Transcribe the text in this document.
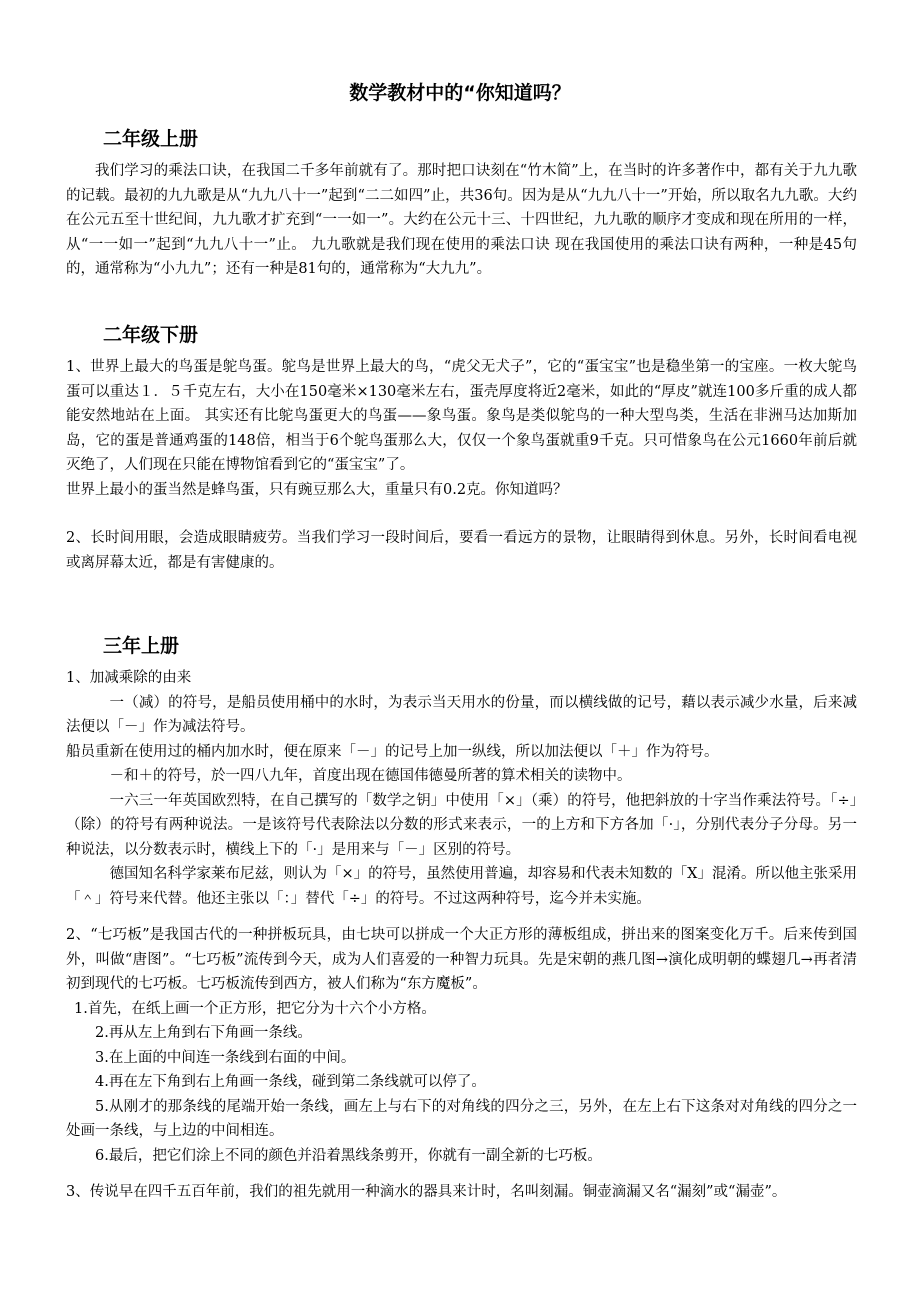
数学教材中的“你知道吗？
二年级上册

我们学习的乘法口诀，在我国二千多年前就有了。那时把口诀刻在“竹木简”上，在当时的许多著作中，都有关于九九歌的记载。最初的九九歌是从“九九八十一”起到“二二如四”止，共36句。因为是从“九九八十一”开始，所以取名九九歌。大约在公元五至十世纪间，九九歌才扩充到“一一如一”。大约在公元十三、十四世纪，九九歌的顺序才变成和现在所用的一样，从“一一如一”起到“九九八十一”止。 九九歌就是我们现在使用的乘法口诀 现在我国使用的乘法口诀有两种，一种是45句的，通常称为“小九九”；还有一种是81句的，通常称为“大九九”。

二年级下册

1、世界上最大的鸟蛋是鸵鸟蛋。鸵鸟是世界上最大的鸟，“虎父无犬子”，它的“蛋宝宝”也是稳坐第一的宝座。一枚大鸵鸟蛋可以重达１．５千克左右，大小在150毫米×130毫米左右，蛋壳厚度将近2毫米，如此的“厚皮”就连100多斤重的成人都能安然地站在上面。 其实还有比鸵鸟蛋更大的鸟蛋——象鸟蛋。象鸟是类似鸵鸟的一种大型鸟类，生活在非洲马达加斯加岛，它的蛋是普通鸡蛋的148倍，相当于6个鸵鸟蛋那么大，仅仅一个象鸟蛋就重9千克。只可惜象鸟在公元1660年前后就灭绝了，人们现在只能在博物馆看到它的“蛋宝宝”了。

世界上最小的蛋当然是蜂鸟蛋，只有豌豆那么大，重量只有0.2克。你知道吗？

2、长时间用眼，会造成眼睛疲劳。当我们学习一段时间后，要看一看远方的景物，让眼睛得到休息。另外，长时间看电视或离屏幕太近，都是有害健康的。

三年上册

1、加减乘除的由来

一（减）的符号，是船员使用桶中的水时，为表示当天用水的份量，而以横线做的记号，藉以表示减少水量，后来减法便以「－」作为减法符号。

船员重新在使用过的桶内加水时，便在原来「－」的记号上加一纵线，所以加法便以「＋」作为符号。

－和＋的符号，於一四八九年，首度出现在德国伟德曼所著的算术相关的读物中。

一六三一年英国欧烈特，在自己撰写的「数学之钥」中使用「×」（乘）的符号，他把斜放的十字当作乘法符号。「÷」（除）的符号有两种说法。一是该符号代表除法以分数的形式来表示，一的上方和下方各加「·」，分别代表分子分母。另一种说法，以分数表示时，横线上下的「·」是用来与「－」区别的符号。

德国知名科学家莱布尼兹，则认为「×」的符号，虽然使用普遍，却容易和代表未知数的「X」混淆。所以他主张采用「＾」符号来代替。他还主张以「：」替代「÷」的符号。不过这两种符号，迄今并未实施。

2、“七巧板”是我国古代的一种拼板玩具，由七块可以拼成一个大正方形的薄板组成，拼出来的图案变化万千。后来传到国外，叫做“唐图”。“七巧板”流传到今天，成为人们喜爱的一种智力玩具。先是宋朝的燕几图→演化成明朝的蝶翅几→再者清初到现代的七巧板。七巧板流传到西方，被人们称为“东方魔板”。

1.首先，在纸上画一个正方形，把它分为十六个小方格。

2.再从左上角到右下角画一条线。

3.在上面的中间连一条线到右面的中间。

4.再在左下角到右上角画一条线，碰到第二条线就可以停了。

5.从刚才的那条线的尾端开始一条线，画左上与右下的对角线的四分之三，另外，在左上右下这条对对角线的四分之一处画一条线，与上边的中间相连。

6.最后，把它们涂上不同的颜色并沿着黑线条剪开，你就有一副全新的七巧板。

3、传说早在四千五百年前，我们的祖先就用一种滴水的器具来计时，名叫刻漏。铜壶滴漏又名“漏刻”或“漏壶”。
